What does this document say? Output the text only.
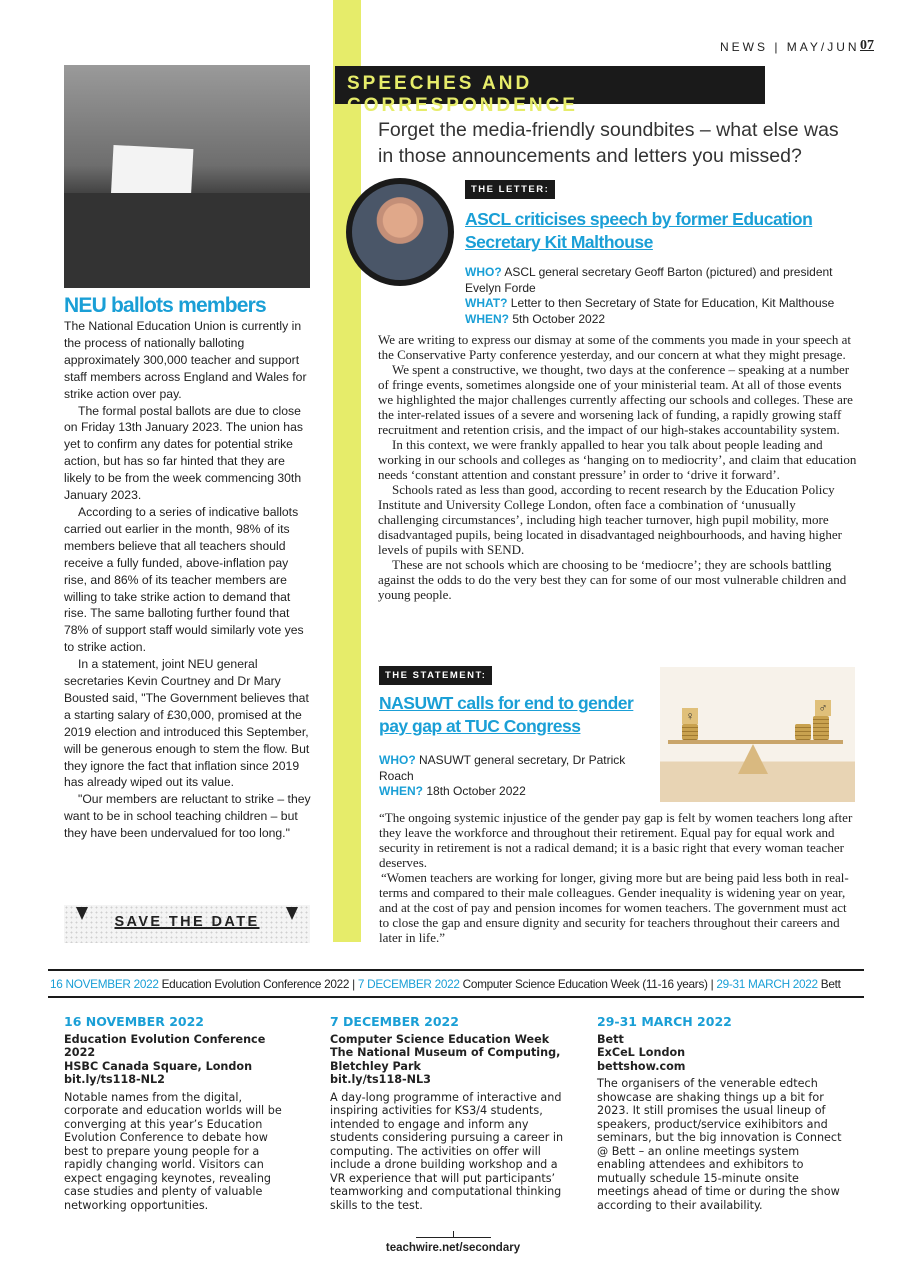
NEWS | MAY/JUN 07
NEU ballots members

The National Education Union is currently in the process of nationally balloting approximately 300,000 teacher and support staff members across England and Wales for strike action over pay.

The formal postal ballots are due to close on Friday 13th January 2023. The union has yet to confirm any dates for potential strike action, but has so far hinted that they are likely to be from the week commencing 30th January 2023.

According to a series of indicative ballots carried out earlier in the month, 98% of its members believe that all teachers should receive a fully funded, above-inflation pay rise, and 86% of its teacher members are willing to take strike action to demand that rise. The same balloting further found that 78% of support staff would similarly vote yes to strike action.

In a statement, joint NEU general secretaries Kevin Courtney and Dr Mary Bousted said, "The Government believes that a starting salary of £30,000, promised at the 2019 election and introduced this September, will be generous enough to stem the flow. But they ignore the fact that inflation since 2019 has already wiped out its value.

"Our members are reluctant to strike – they want to be in school teaching children – but they have been undervalued for too long."

SAVE THE DATE
SPEECHES AND CORRESPONDENCE
Forget the media-friendly soundbites – what else was in those announcements and letters you missed?
THE LETTER:
ASCL criticises speech by former Education Secretary Kit Malthouse
WHO? ASCL general secretary Geoff Barton (pictured) and president Evelyn Forde
WHAT? Letter to then Secretary of State for Education, Kit Malthouse
WHEN? 5th October 2022

We are writing to express our dismay at some of the comments you made in your speech at the Conservative Party conference yesterday, and our concern at what they might presage.

We spent a constructive, we thought, two days at the conference – speaking at a number of fringe events, sometimes alongside one of your ministerial team. At all of those events we highlighted the major challenges currently affecting our schools and colleges. These are the inter-related issues of a severe and worsening lack of funding, a rapidly growing staff recruitment and retention crisis, and the impact of our high-stakes accountability system.

In this context, we were frankly appalled to hear you talk about people leading and working in our schools and colleges as ‘hanging on to mediocrity’, and claim that education needs ‘constant attention and constant pressure’ in order to ‘drive it forward’.

Schools rated as less than good, according to recent research by the Education Policy Institute and University College London, often face a combination of ‘unusually challenging circumstances’, including high teacher turnover, high pupil mobility, more disadvantaged pupils, being located in disadvantaged neighbourhoods, and having higher levels of pupils with SEND.

These are not schools which are choosing to be ‘mediocre’; they are schools battling against the odds to do the very best they can for some of our most vulnerable children and young people.

THE STATEMENT:
NASUWT calls for end to gender pay gap at TUC Congress
WHO? NASUWT general secretary, Dr Patrick Roach
WHEN? 18th October 2022
♀
♂

“The ongoing systemic injustice of the gender pay gap is felt by women teachers long after they leave the workforce and throughout their retirement. Equal pay for equal work and security in retirement is not a radical demand; it is a basic right that every woman teacher deserves.

“Women teachers are working for longer, giving more but are being paid less both in real-terms and compared to their male colleagues. Gender inequality is widening year on year, and at the cost of pay and pension incomes for women teachers. The government must act to close the gap and ensure dignity and security for teachers throughout their careers and later in life.”

16 NOVEMBER 2022 Education Evolution Conference 2022 | 7 DECEMBER 2022 Computer Science Education Week (11-16 years) | 29-31 MARCH 2022 Bett
16 NOVEMBER 2022
Education Evolution Conference 2022
HSBC Canada Square, London
bit.ly/ts118-NL2
Notable names from the digital, corporate and education worlds will be converging at this year’s Education Evolution Conference to debate how best to prepare young people for a rapidly changing world. Visitors can expect engaging keynotes, revealing case studies and plenty of valuable networking opportunities.
7 DECEMBER 2022
Computer Science Education Week
The National Museum of Computing, Bletchley Park
bit.ly/ts118-NL3
A day-long programme of interactive and inspiring activities for KS3/4 students, intended to engage and inform any students considering pursuing a career in computing. The activities on offer will include a drone building workshop and a VR experience that will put participants’ teamworking and computational thinking skills to the test.
29-31 MARCH 2022
Bett
ExCeL London
bettshow.com
The organisers of the venerable edtech showcase are shaking things up a bit for 2023. It still promises the usual lineup of speakers, product/service exihibitors and seminars, but the big innovation is Connect @ Bett – an online meetings system enabling attendees and exhibitors to mutually schedule 15-minute onsite meetings ahead of time or during the show according to their availability.
teachwire.net/secondary
